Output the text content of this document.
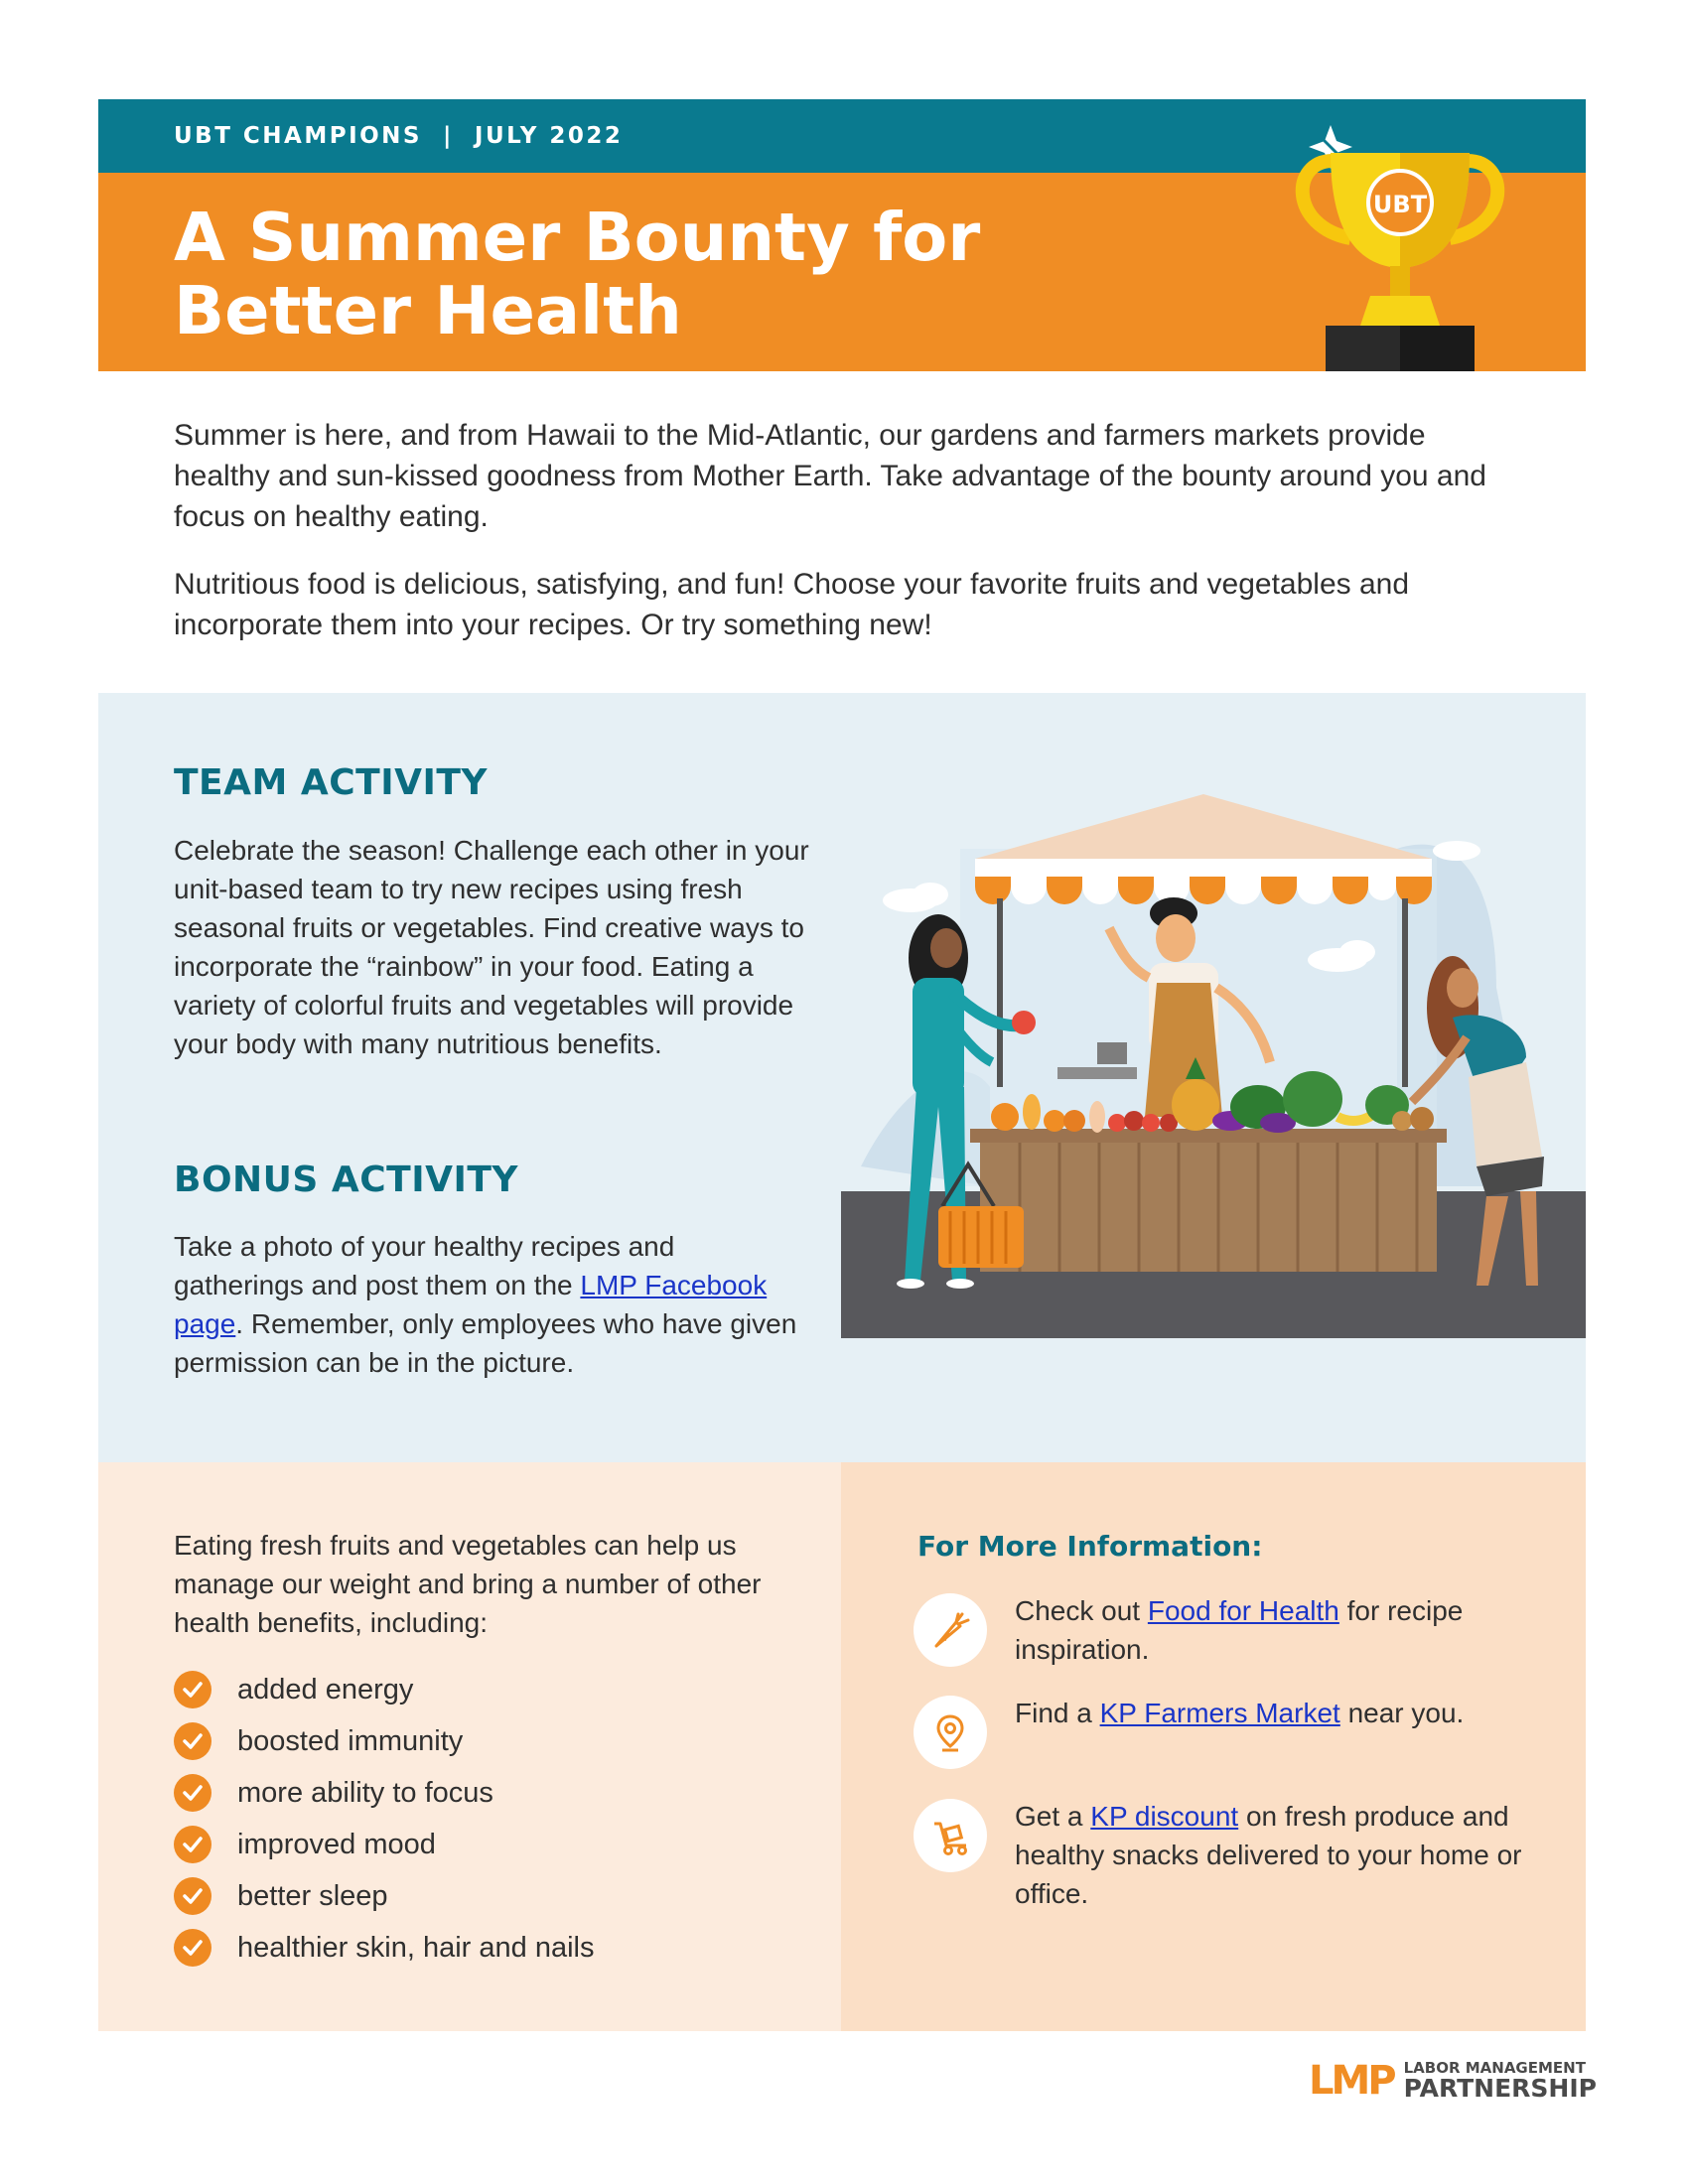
UBT CHAMPIONS  |  JULY 2022
A Summer Bounty for
Better Health
UBT

Summer is here, and from Hawaii to the Mid-Atlantic, our gardens and farmers markets provide healthy and sun-kissed goodness from Mother Earth. Take advantage of the bounty around you and focus on healthy eating.

Nutritious food is delicious, satisfying, and fun! Choose your favorite fruits and vegetables and incorporate them into your recipes. Or try something new!

TEAM ACTIVITY

Celebrate the season! Challenge each other in your unit-based team to try new recipes using fresh seasonal fruits or vegetables. Find creative ways to incorporate the “rainbow” in your food. Eating a variety of colorful fruits and vegetables will provide your body with many nutritious benefits.

BONUS ACTIVITY

Take a photo of your healthy recipes and gatherings and post them on the LMP Facebook page. Remember, only employees who have given permission can be in the picture.

Eating fresh fruits and vegetables can help us manage our weight and bring a number of other health benefits, including:

added energy
boosted immunity
more ability to focus
improved mood
better sleep
healthier skin, hair and nails
For More Information:

Check out Food for Health for recipe inspiration.

Find a KP Farmers Market near you.

Get a KP discount on fresh produce and healthy snacks delivered to your home or office.

LMP LABOR MANAGEMENT
PARTNERSHIP
